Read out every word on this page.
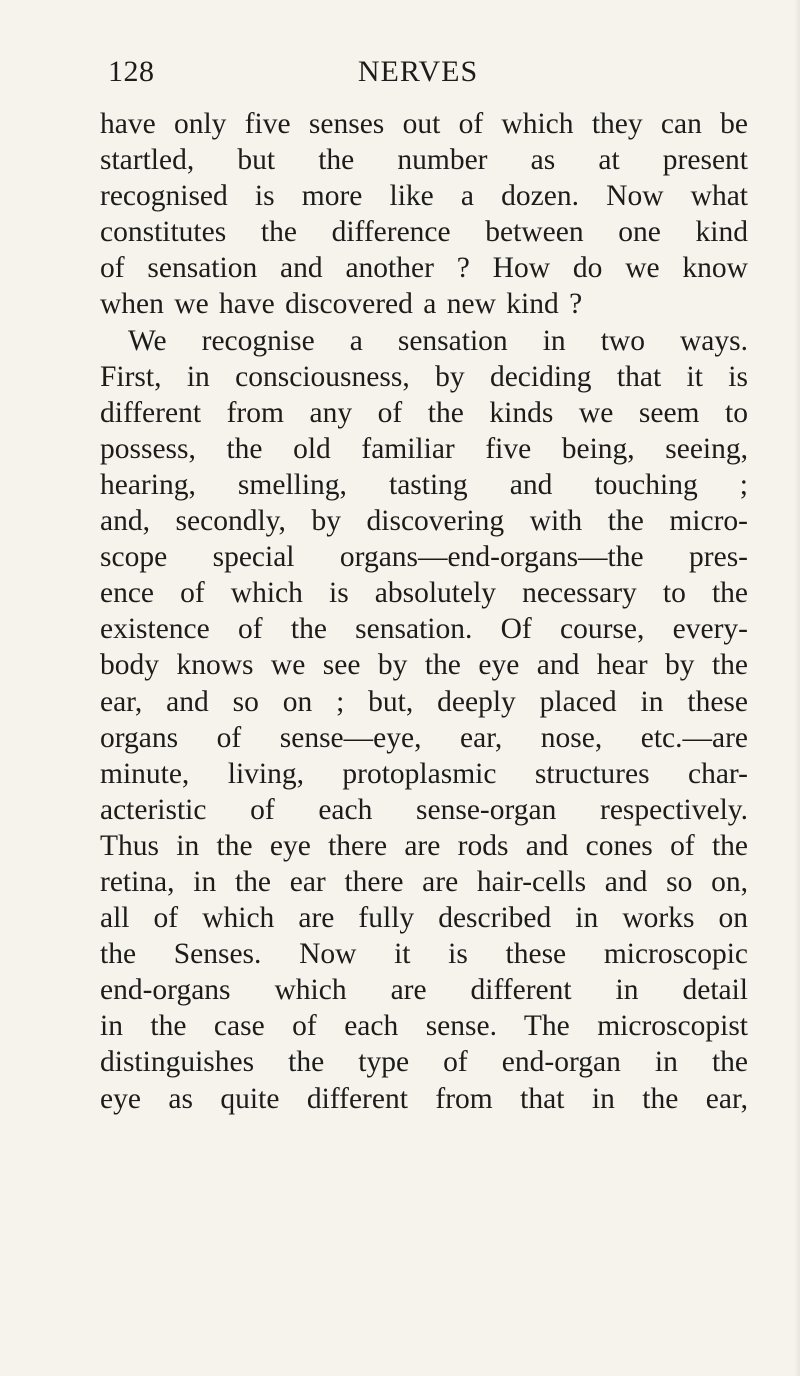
128	NERVES
have only five senses out of which they can be
startled, but the number as at present
recognised is more like a dozen. Now what
constitutes the difference between one kind
of sensation and another ? How do we know
when we have discovered a new kind ?
We recognise a sensation in two ways.
First, in consciousness, by deciding that it is
different from any of the kinds we seem to
possess, the old familiar five being, seeing,
hearing, smelling, tasting and touching ;
and, secondly, by discovering with the micro-
scope special organs—end-organs—the pres-
ence of which is absolutely necessary to the
existence of the sensation. Of course, every-
body knows we see by the eye and hear by the
ear, and so on ; but, deeply placed in these
organs of sense—eye, ear, nose, etc.—are
minute, living, protoplasmic structures char-
acteristic of each sense-organ respectively.
Thus in the eye there are rods and cones of the
retina, in the ear there are hair-cells and so on,
all of which are fully described in works on
the Senses. Now it is these microscopic
end-organs which are different in detail
in the case of each sense. The microscopist
distinguishes the type of end-organ in the
eye as quite different from that in the ear,
